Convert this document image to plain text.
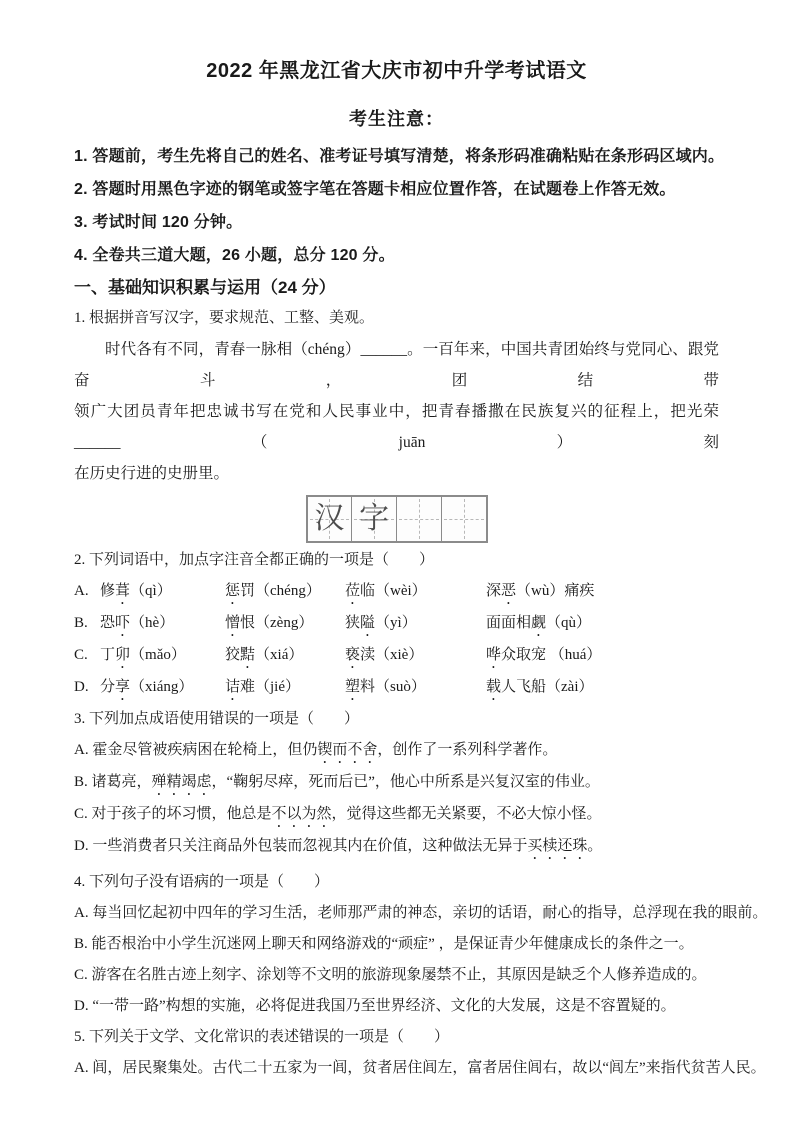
2022 年黑龙江省大庆市初中升学考试语文
考生注意：

1. 答题前，考生先将自己的姓名、准考证号填写清楚，将条形码准确粘贴在条形码区域内。

2. 答题时用黑色字迹的钢笔或签字笔在答题卡相应位置作答，在试题卷上作答无效。

3. 考试时间 120 分钟。

4. 全卷共三道大题，26 小题，总分 120 分。

一、基础知识积累与运用（24 分）

1. 根据拼音写汉字，要求规范、工整、美观。

时代各有不同，青春一脉相（chéng）______。一百年来，中国共青团始终与党同心、跟党奋斗，团结带

领广大团员青年把忠诚书写在党和人民事业中，把青春播撒在民族复兴的征程上，把光荣______（juān）刻

在历史行进的史册里。

汉 字

2. 下列词语中，加点字注音全都正确的一项是（　　）

A. 修葺（qì）	惩罚（chéng）	莅临（wèi）	深恶（wù）痛疾
B. 恐吓（hè）	憎恨（zèng）	狭隘（yì）	面面相觑（qù）
C. 丁卯（mǎo）	狡黠（xiá）	亵渎（xiè）	哗众取宠 （huá）
D. 分享（xiáng）	诘难（jié）	塑料（suò）	载人飞船（zài）

3. 下列加点成语使用错误的一项是（　　）

A. 霍金尽管被疾病困在轮椅上，但仍锲而不舍，创作了一系列科学著作。

B. 诸葛亮，殚精竭虑，“鞠躬尽瘁，死而后已”，他心中所系是兴复汉室的伟业。

C. 对于孩子的坏习惯，他总是不以为然，觉得这些都无关紧要，不必大惊小怪。

D. 一些消费者只关注商品外包装而忽视其内在价值，这种做法无异于买椟还珠。

4. 下列句子没有语病的一项是（　　）

A. 每当回忆起初中四年的学习生活，老师那严肃的神态，亲切的话语，耐心的指导，总浮现在我的眼前。

B. 能否根治中小学生沉迷网上聊天和网络游戏的“顽症” ，是保证青少年健康成长的条件之一。

C. 游客在名胜古迹上刻字、涂划等不文明的旅游现象屡禁不止，其原因是缺乏个人修养造成的。

D. “一带一路”构想的实施，必将促进我国乃至世界经济、文化的大发展，这是不容置疑的。

5. 下列关于文学、文化常识的表述错误的一项是（　　）

A. 闾，居民聚集处。古代二十五家为一闾，贫者居住闾左，富者居住闾右，故以“闾左”来指代贫苦人民。
